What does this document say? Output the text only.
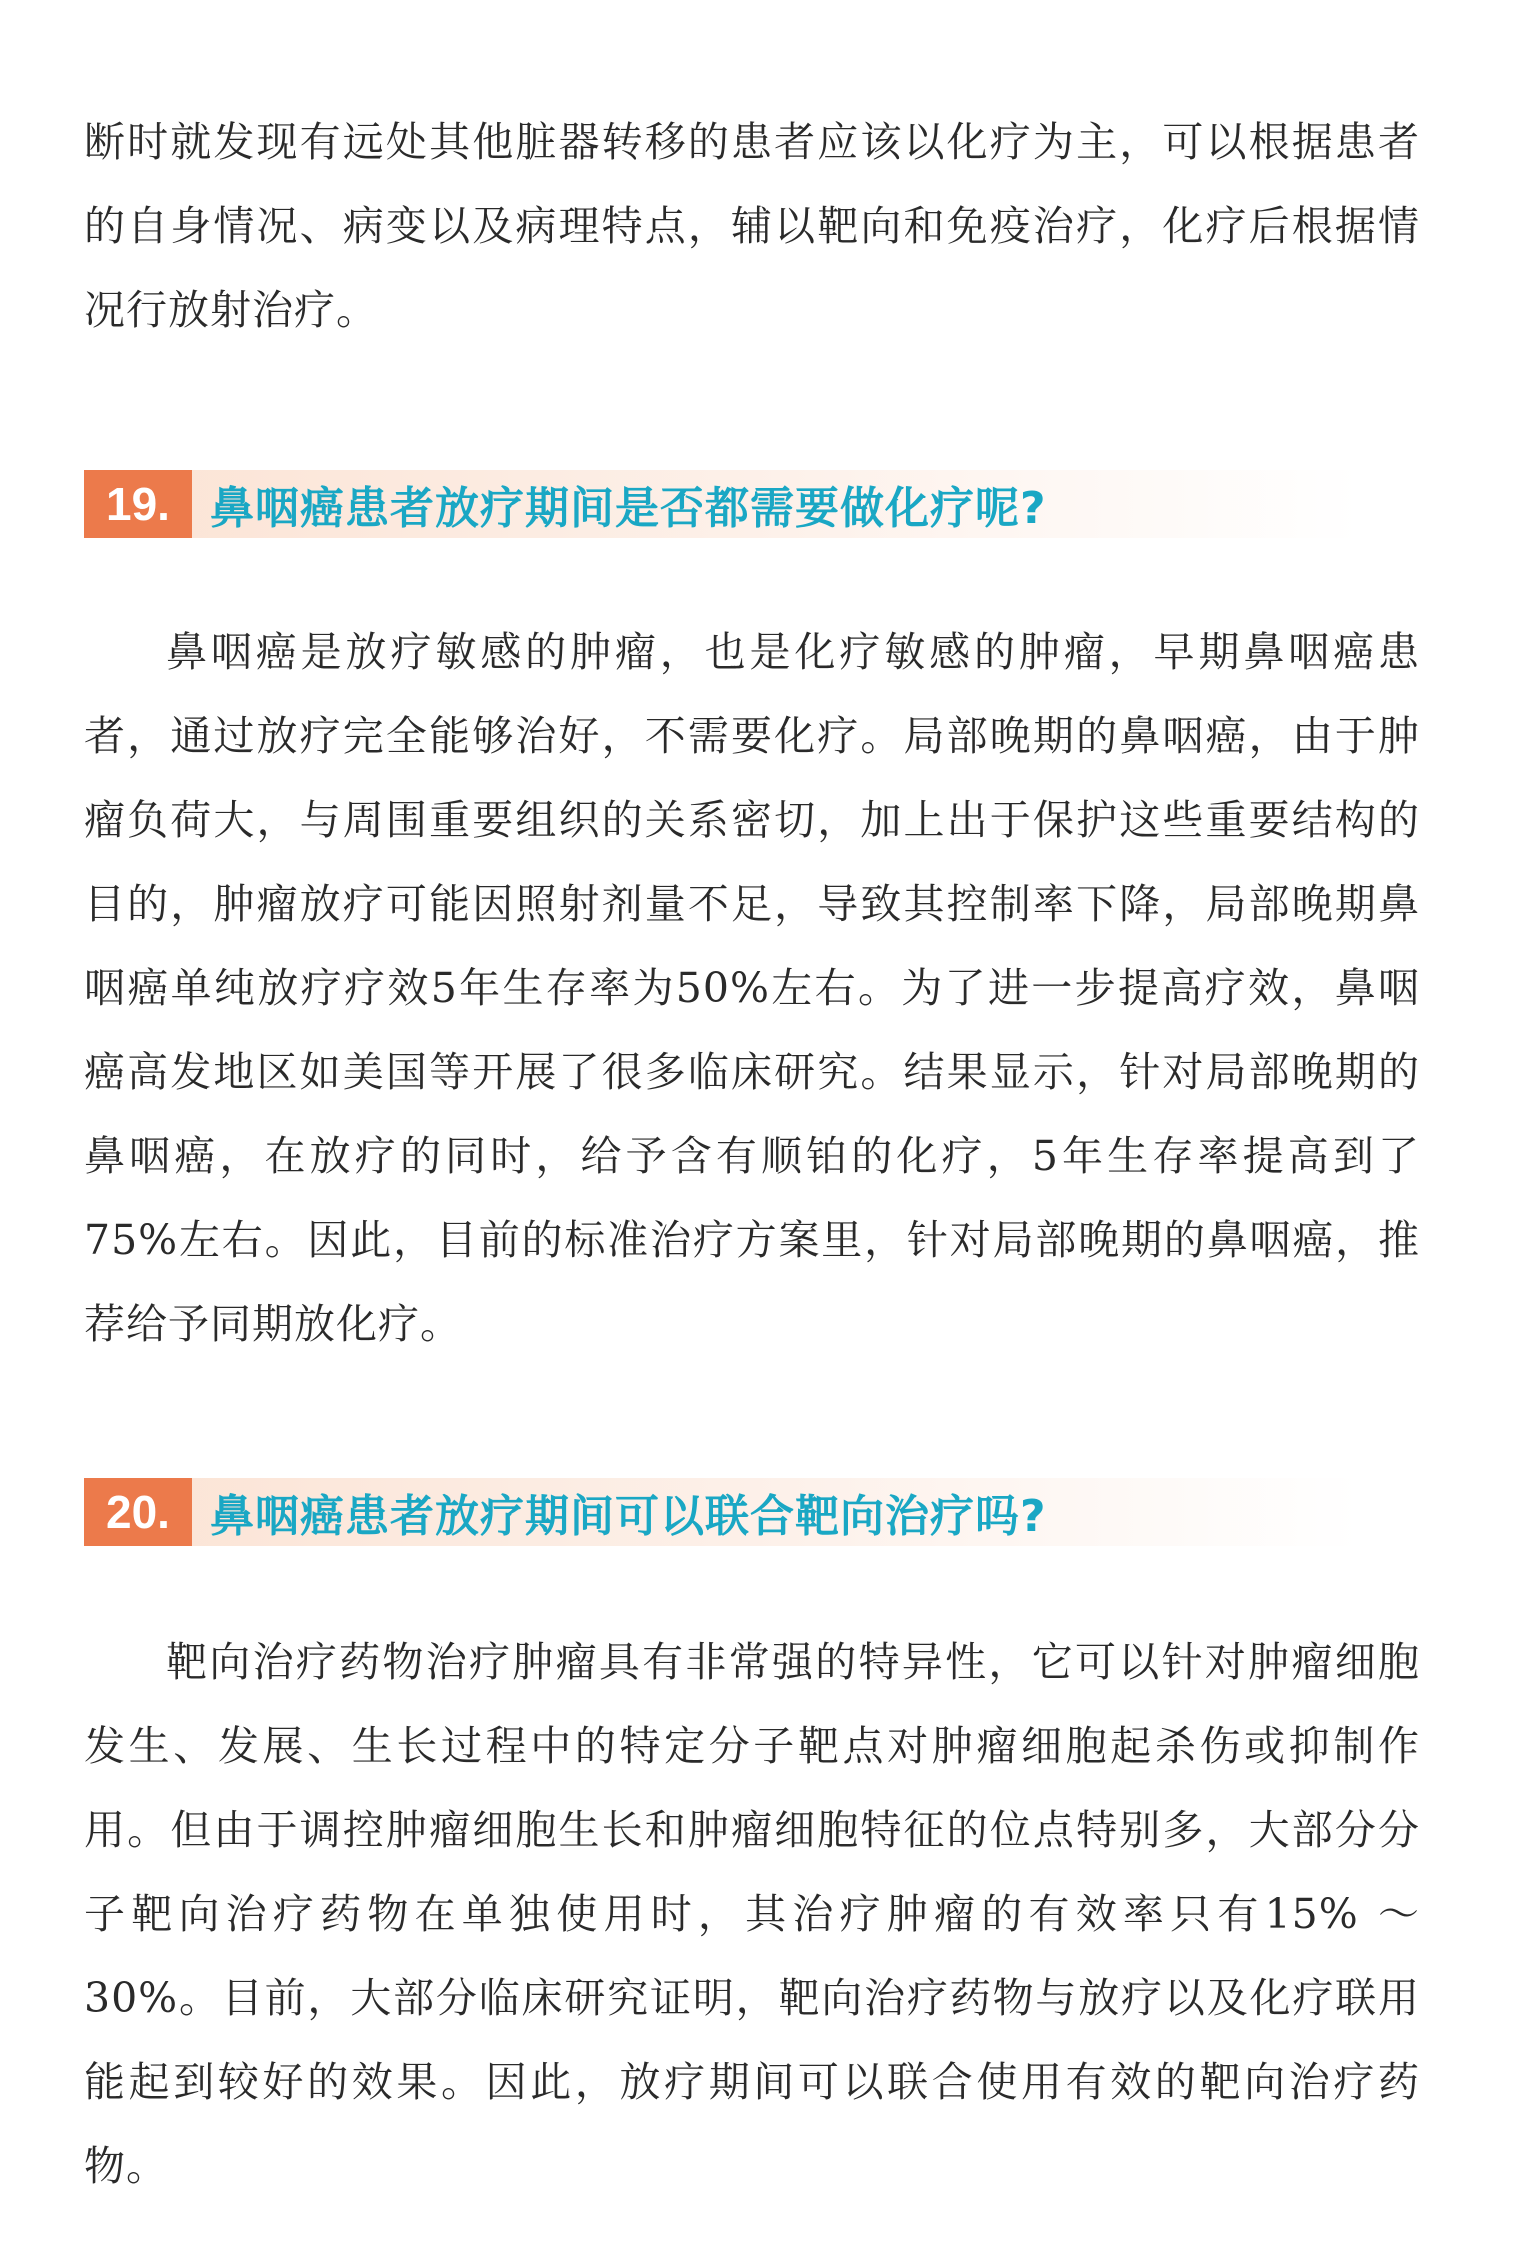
断时就发现有远处其他脏器转移的患者应该以化疗为主，可以根据患者的自身情况、病变以及病理特点，辅以靶向和免疫治疗，化疗后根据情况行放射治疗。

19. 鼻咽癌患者放疗期间是否都需要做化疗呢?

鼻咽癌是放疗敏感的肿瘤，也是化疗敏感的肿瘤，早期鼻咽癌患者，通过放疗完全能够治好，不需要化疗。局部晚期的鼻咽癌，由于肿瘤负荷大，与周围重要组织的关系密切，加上出于保护这些重要结构的目的，肿瘤放疗可能因照射剂量不足，导致其控制率下降，局部晚期鼻咽癌单纯放疗疗效5年生存率为50%左右。为了进一步提高疗效，鼻咽癌高发地区如美国等开展了很多临床研究。结果显示，针对局部晚期的鼻咽癌，在放疗的同时，给予含有顺铂的化疗，5年生存率提高到了75%左右。因此，目前的标准治疗方案里，针对局部晚期的鼻咽癌，推荐给予同期放化疗。

20. 鼻咽癌患者放疗期间可以联合靶向治疗吗?

靶向治疗药物治疗肿瘤具有非常强的特异性，它可以针对肿瘤细胞发生、发展、生长过程中的特定分子靶点对肿瘤细胞起杀伤或抑制作用。但由于调控肿瘤细胞生长和肿瘤细胞特征的位点特别多，大部分分子靶向治疗药物在单独使用时，其治疗肿瘤的有效率只有15% ～ 30%。目前，大部分临床研究证明，靶向治疗药物与放疗以及化疗联用能起到较好的效果。因此，放疗期间可以联合使用有效的靶向治疗药物。
